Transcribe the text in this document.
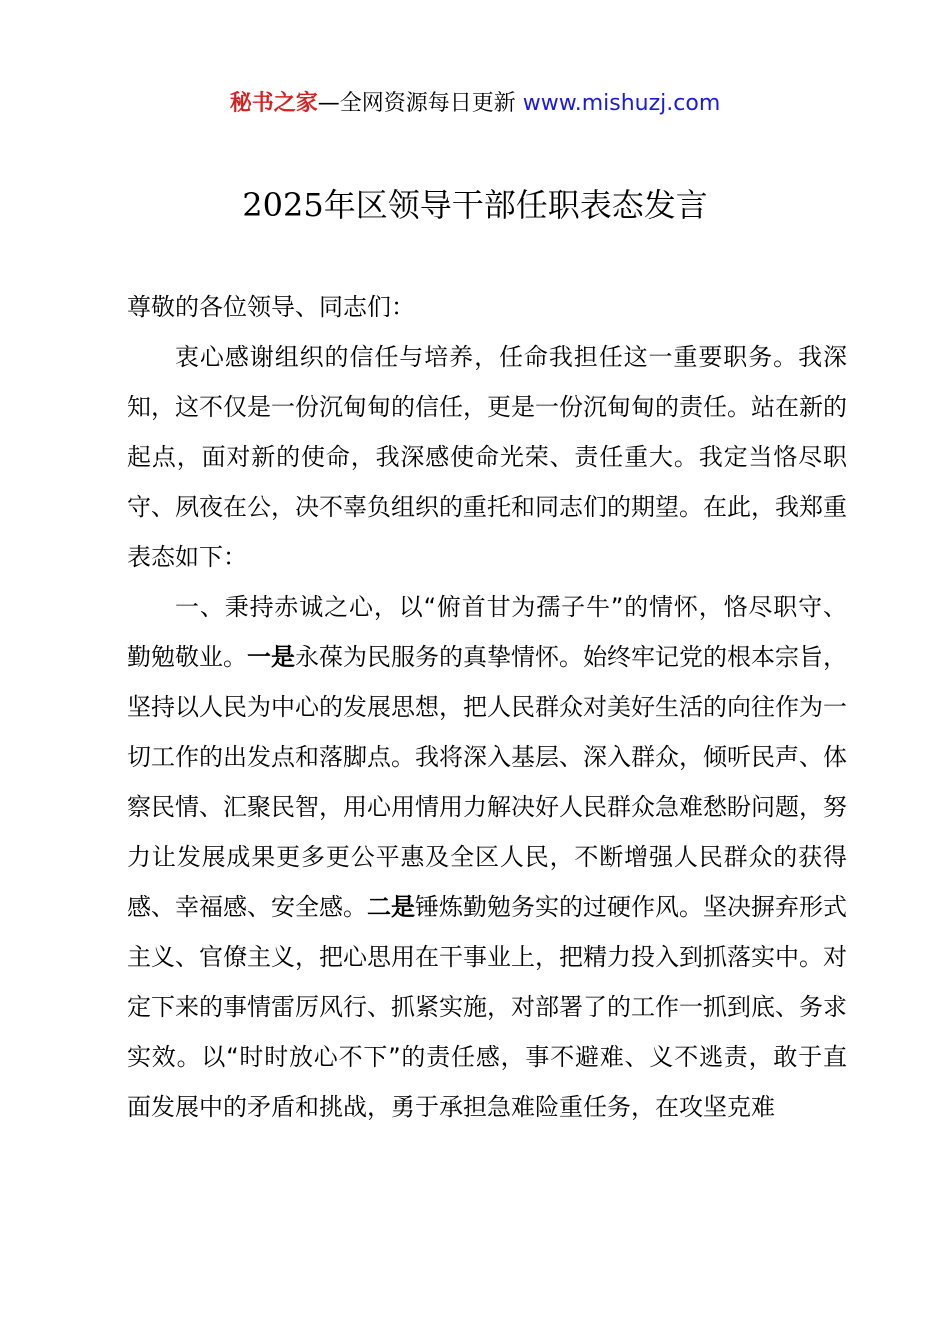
秘书之家—全网资源每日更新 www.mishuzj.com
2025年区领导干部任职表态发言

尊敬的各位领导、同志们：

衷心感谢组织的信任与培养，任命我担任这一重要职务。我深知，这不仅是一份沉甸甸的信任，更是一份沉甸甸的责任。站在新的起点，面对新的使命，我深感使命光荣、责任重大。我定当恪尽职守、夙夜在公，决不辜负组织的重托和同志们的期望。在此，我郑重表态如下：

一、秉持赤诚之心，以“俯首甘为孺子牛”的情怀，恪尽职守、勤勉敬业。一是永葆为民服务的真挚情怀。始终牢记党的根本宗旨，坚持以人民为中心的发展思想，把人民群众对美好生活的向往作为一切工作的出发点和落脚点。我将深入基层、深入群众，倾听民声、体察民情、汇聚民智，用心用情用力解决好人民群众急难愁盼问题，努力让发展成果更多更公平惠及全区人民，不断增强人民群众的获得感、幸福感、安全感。二是锤炼勤勉务实的过硬作风。坚决摒弃形式主义、官僚主义，把心思用在干事业上，把精力投入到抓落实中。对定下来的事情雷厉风行、抓紧实施，对部署了的工作一抓到底、务求实效。以“时时放心不下”的责任感，事不避难、义不逃责，敢于直面发展中的矛盾和挑战，勇于承担急难险重任务，在攻坚克难
